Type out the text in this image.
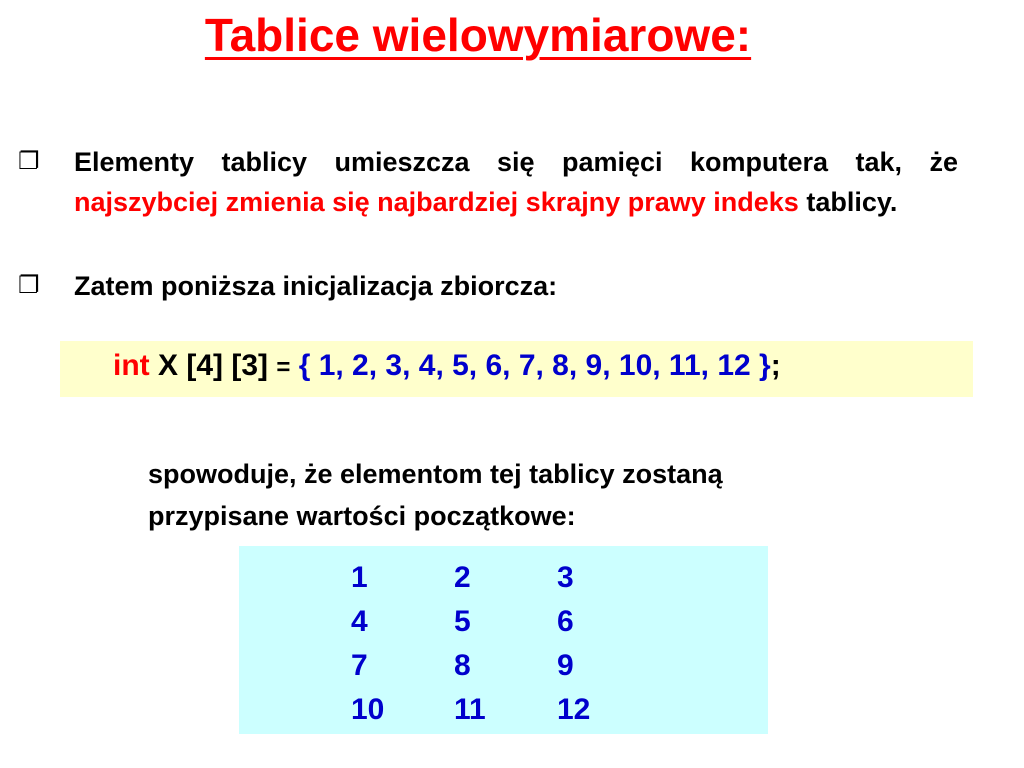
Tablice wielowymiarowe:
❐ Elementy tablicy umieszcza się pamięci komputera tak, że najszybciej zmienia się najbardziej skrajny prawy indeks tablicy.
❐ Zatem poniższa inicjalizacja zbiorcza:
int X [4] [3] = { 1, 2, 3, 4, 5, 6, 7, 8, 9, 10, 11, 12 };
spowoduje, że elementom tej tablicy zostaną
przypisane wartości początkowe:
1	2	3
4	5	6
7	8	9
10	11	12
